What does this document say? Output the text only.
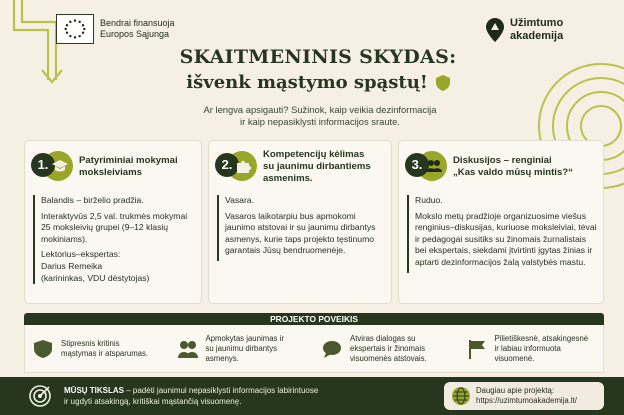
Bendrai finansuoja
Europos Sąjunga
Užimtumo
akademija
SKAITMENINIS SKYDAS:
išvenk mąstymo spąstų!
Ar lengva apsigauti? Sužinok, kaip veikia dezinformacija
ir kaip nepasiklysti informacijos sraute.
1.	Patyriminiai mokymai
moksleiviams

Balandis – birželio pradžia.

Interaktyvūs 2,5 val. trukmės mokymai 25 moksleivių grupei (9–12 klasių mokiniams).

Lektorius–ekspertas:
Darius Remeika
(karininkas, VDU dėstytojas)
2.
Kompetencijų kėlimas
su jaunimu dirbantiems
asmenims.

Vasara.

Vasaros laikotarpiu bus apmokomi jaunimo atstovai ir su jaunimu dirbantys asmenys, kurie taps projekto tęstinumo garantais Jūsų bendruomenėje.

3.	Diskusijos – renginiai
„Kas valdo mūsų mintis?“

Ruduo.

Mokslo metų pradžioje organizuosime viešus renginius–diskusijas, kuriuose moksleiviai, tėvai ir pedagogai susitiks su žinomais žurnalistais bei ekspertais, siekdami įtvirtinti įgytas žinias ir aptarti dezinformacijos žalą valstybės mastu.

PROJEKTO POVEIKIS
Stipresnis kritinis
mąstymas ir atsparumas.
Apmokytas jaunimas ir
su jaunimu dirbantys
asmenys.
Atviras dialogas su
ekspertais ir žinomais
visuomenės atstovais.
Pilietiškesnė, atsakingesnė
ir labiau informuota
visuomenė.
MŪSŲ TIKSLAS – padėti jaunimui nepasiklysti informacijos labirintuose
ir ugdyti atsakingą, kritiškai mąstančią visuomenę.
Daugiau apie projektą:
https://uzimtumoakademija.lt/
